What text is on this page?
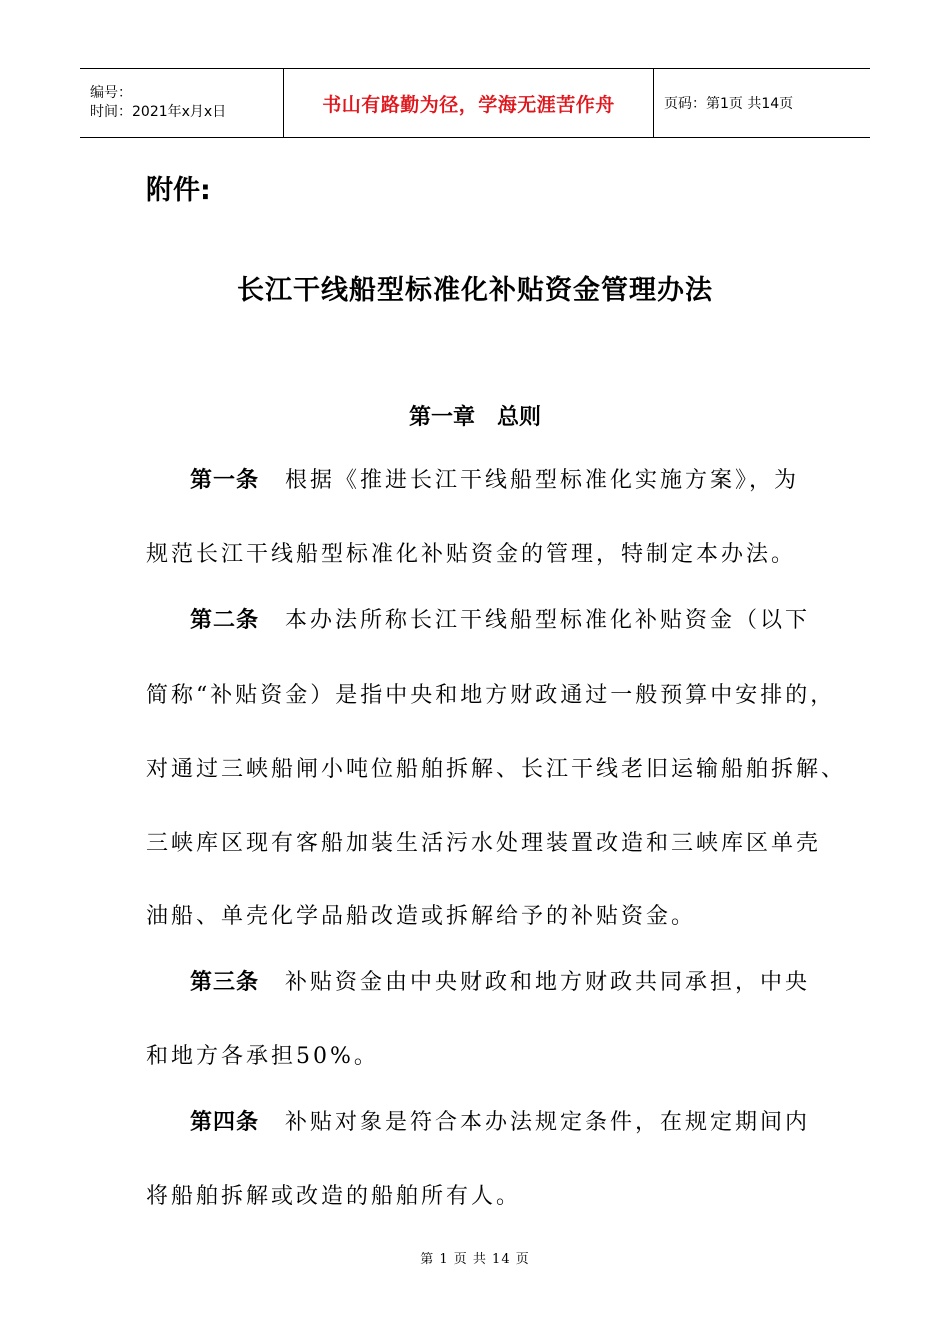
编号：
时间：2021年x月x日	书山有路勤为径，学海无涯苦作舟	页码：第1页 共14页
附件:
长江干线船型标准化补贴资金管理办法
第一章 总则
第一条 根据《推进长江干线船型标准化实施方案》，为
规范长江干线船型标准化补贴资金的管理，特制定本办法。
第二条 本办法所称长江干线船型标准化补贴资金（以下
简称“补贴资金）是指中央和地方财政通过一般预算中安排的，
对通过三峡船闸小吨位船舶拆解、长江干线老旧运输船舶拆解、
三峡库区现有客船加装生活污水处理装置改造和三峡库区单壳
油船、单壳化学品船改造或拆解给予的补贴资金。
第三条 补贴资金由中央财政和地方财政共同承担，中央
和地方各承担50%。
第四条 补贴对象是符合本办法规定条件，在规定期间内
将船舶拆解或改造的船舶所有人。
第 1 页 共 14 页
